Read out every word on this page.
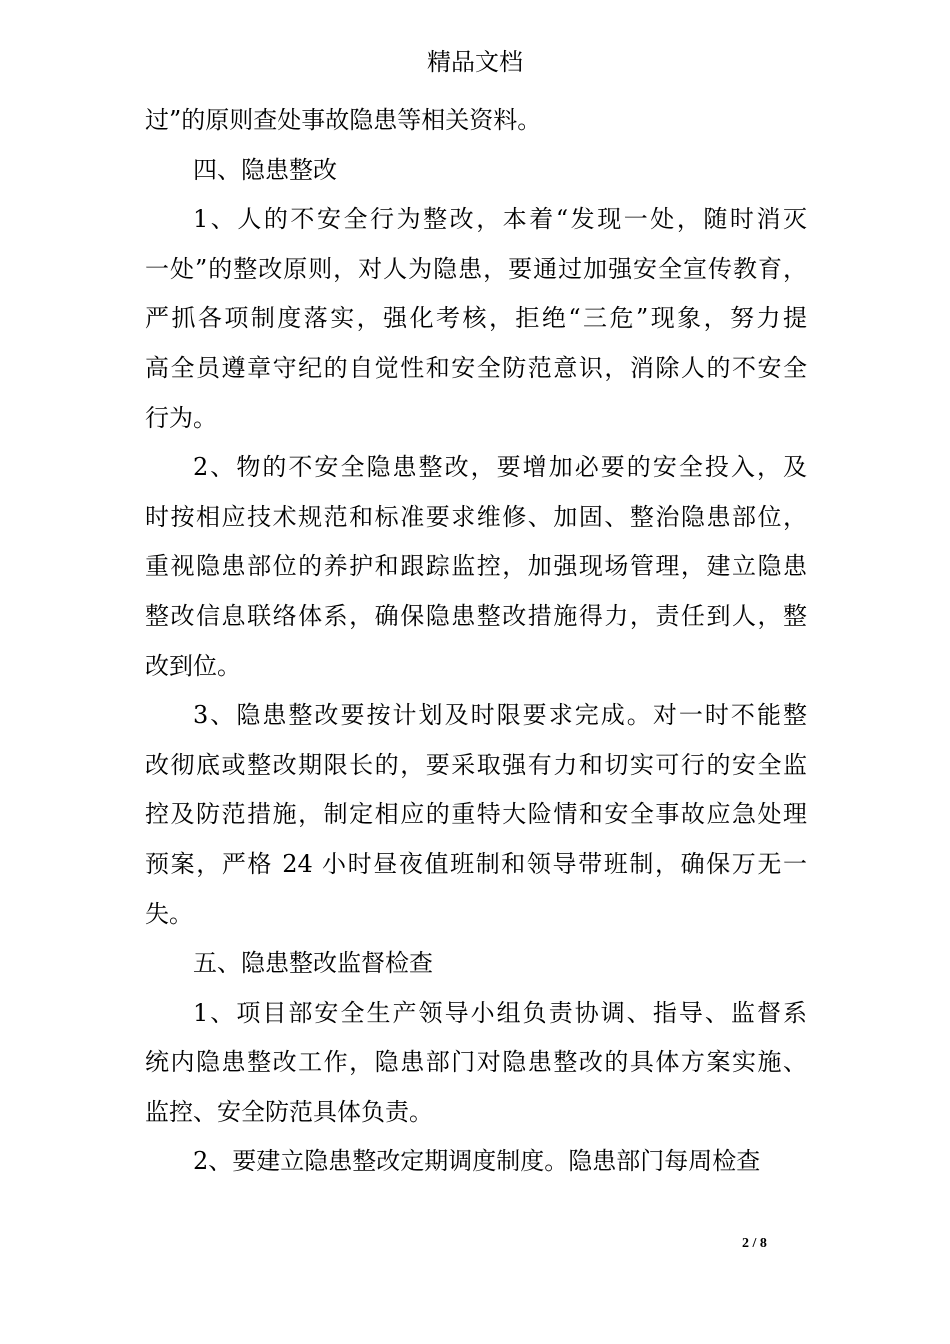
精品文档
过”的原则查处事故隐患等相关资料。
四、隐患整改
1、人的不安全行为整改，本着“发现一处，随时消灭
一处”的整改原则，对人为隐患，要通过加强安全宣传教育，
严抓各项制度落实，强化考核，拒绝“三危”现象，努力提
高全员遵章守纪的自觉性和安全防范意识，消除人的不安全
行为。
2、物的不安全隐患整改，要增加必要的安全投入，及
时按相应技术规范和标准要求维修、加固、整治隐患部位，
重视隐患部位的养护和跟踪监控，加强现场管理，建立隐患
整改信息联络体系，确保隐患整改措施得力，责任到人，整
改到位。
3、隐患整改要按计划及时限要求完成。对一时不能整
改彻底或整改期限长的，要采取强有力和切实可行的安全监
控及防范措施，制定相应的重特大险情和安全事故应急处理
预案，严格 24 小时昼夜值班制和领导带班制，确保万无一
失。
五、隐患整改监督检查
1、项目部安全生产领导小组负责协调、指导、监督系
统内隐患整改工作，隐患部门对隐患整改的具体方案实施、
监控、安全防范具体负责。
2、要建立隐患整改定期调度制度。隐患部门每周检查
2 / 8
